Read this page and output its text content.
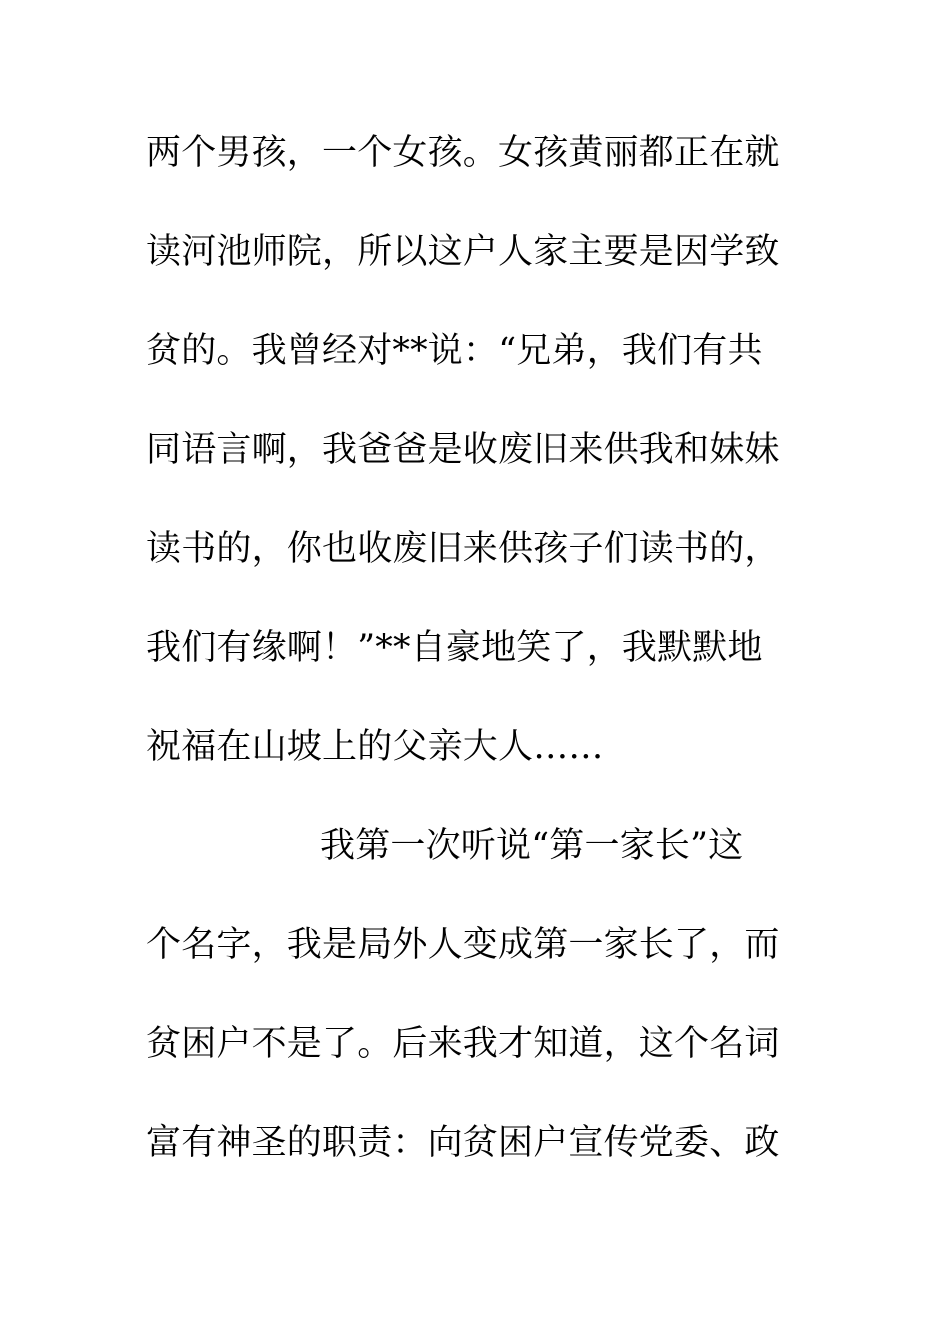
两个男孩，一个女孩。女孩黄丽都正在就
读河池师院，所以这户人家主要是因学致
贫的。我曾经对**说：“兄弟，我们有共
同语言啊，我爸爸是收废旧来供我和妹妹
读书的，你也收废旧来供孩子们读书的，
我们有缘啊！”**自豪地笑了，我默默地
祝福在山坡上的父亲大人……
我第一次听说“第一家长”这
个名字，我是局外人变成第一家长了，而
贫困户不是了。后来我才知道，这个名词
富有神圣的职责：向贫困户宣传党委、政
